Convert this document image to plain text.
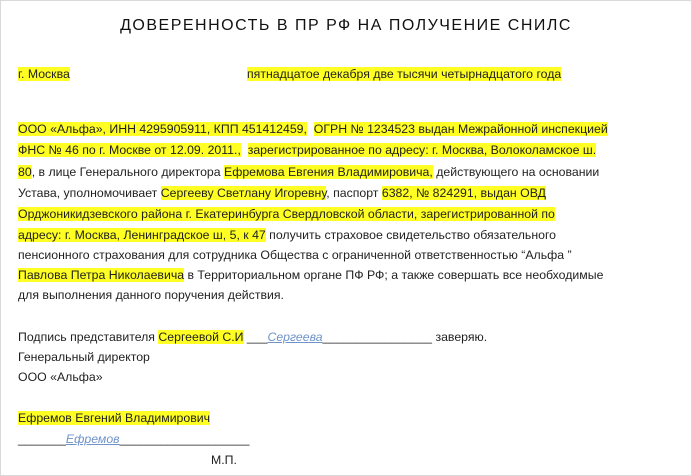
ДОВЕРЕННОСТЬ В ПР РФ НА ПОЛУЧЕНИЕ СНИЛС
г. Москва	пятнадцатое декабря две тысячи четырнадцатого года
ООО «Альфа», ИНН 4295905911, КПП 451412459, ОГРН № 1234523 выдан Межрайонной инспекцией
ФНС № 46 по г. Москве от 12.09. 2011., зарегистрированное по адресу: г. Москва, Волоколамское ш.
80, в лице Генерального директора Ефремова Евгения Владимировича, действующего на основании
Устава, уполномочивает Сергееву Светлану Игоревну, паспорт 6382, № 824291, выдан ОВД
Орджоникидзевского района г. Екатеринбурга Свердловской области, зарегистрированной по
адресу: г. Москва, Ленинградское ш, 5, к 47 получить страховое свидетельство обязательного
пенсионного страхования для сотрудника Общества с ограниченной ответственностью “Альфа ”
Павлова Петра Николаевича в Территориальном органе ПФ РФ; а также совершать все необходимые
для выполнения данного поручения действия.
Подпись представителя Сергеевой С.И ___Сергеева________________ заверяю.
Генеральный директор
ООО «Альфа»
Ефремов Евгений Владимирович
_______Ефремов___________________
М.П.
